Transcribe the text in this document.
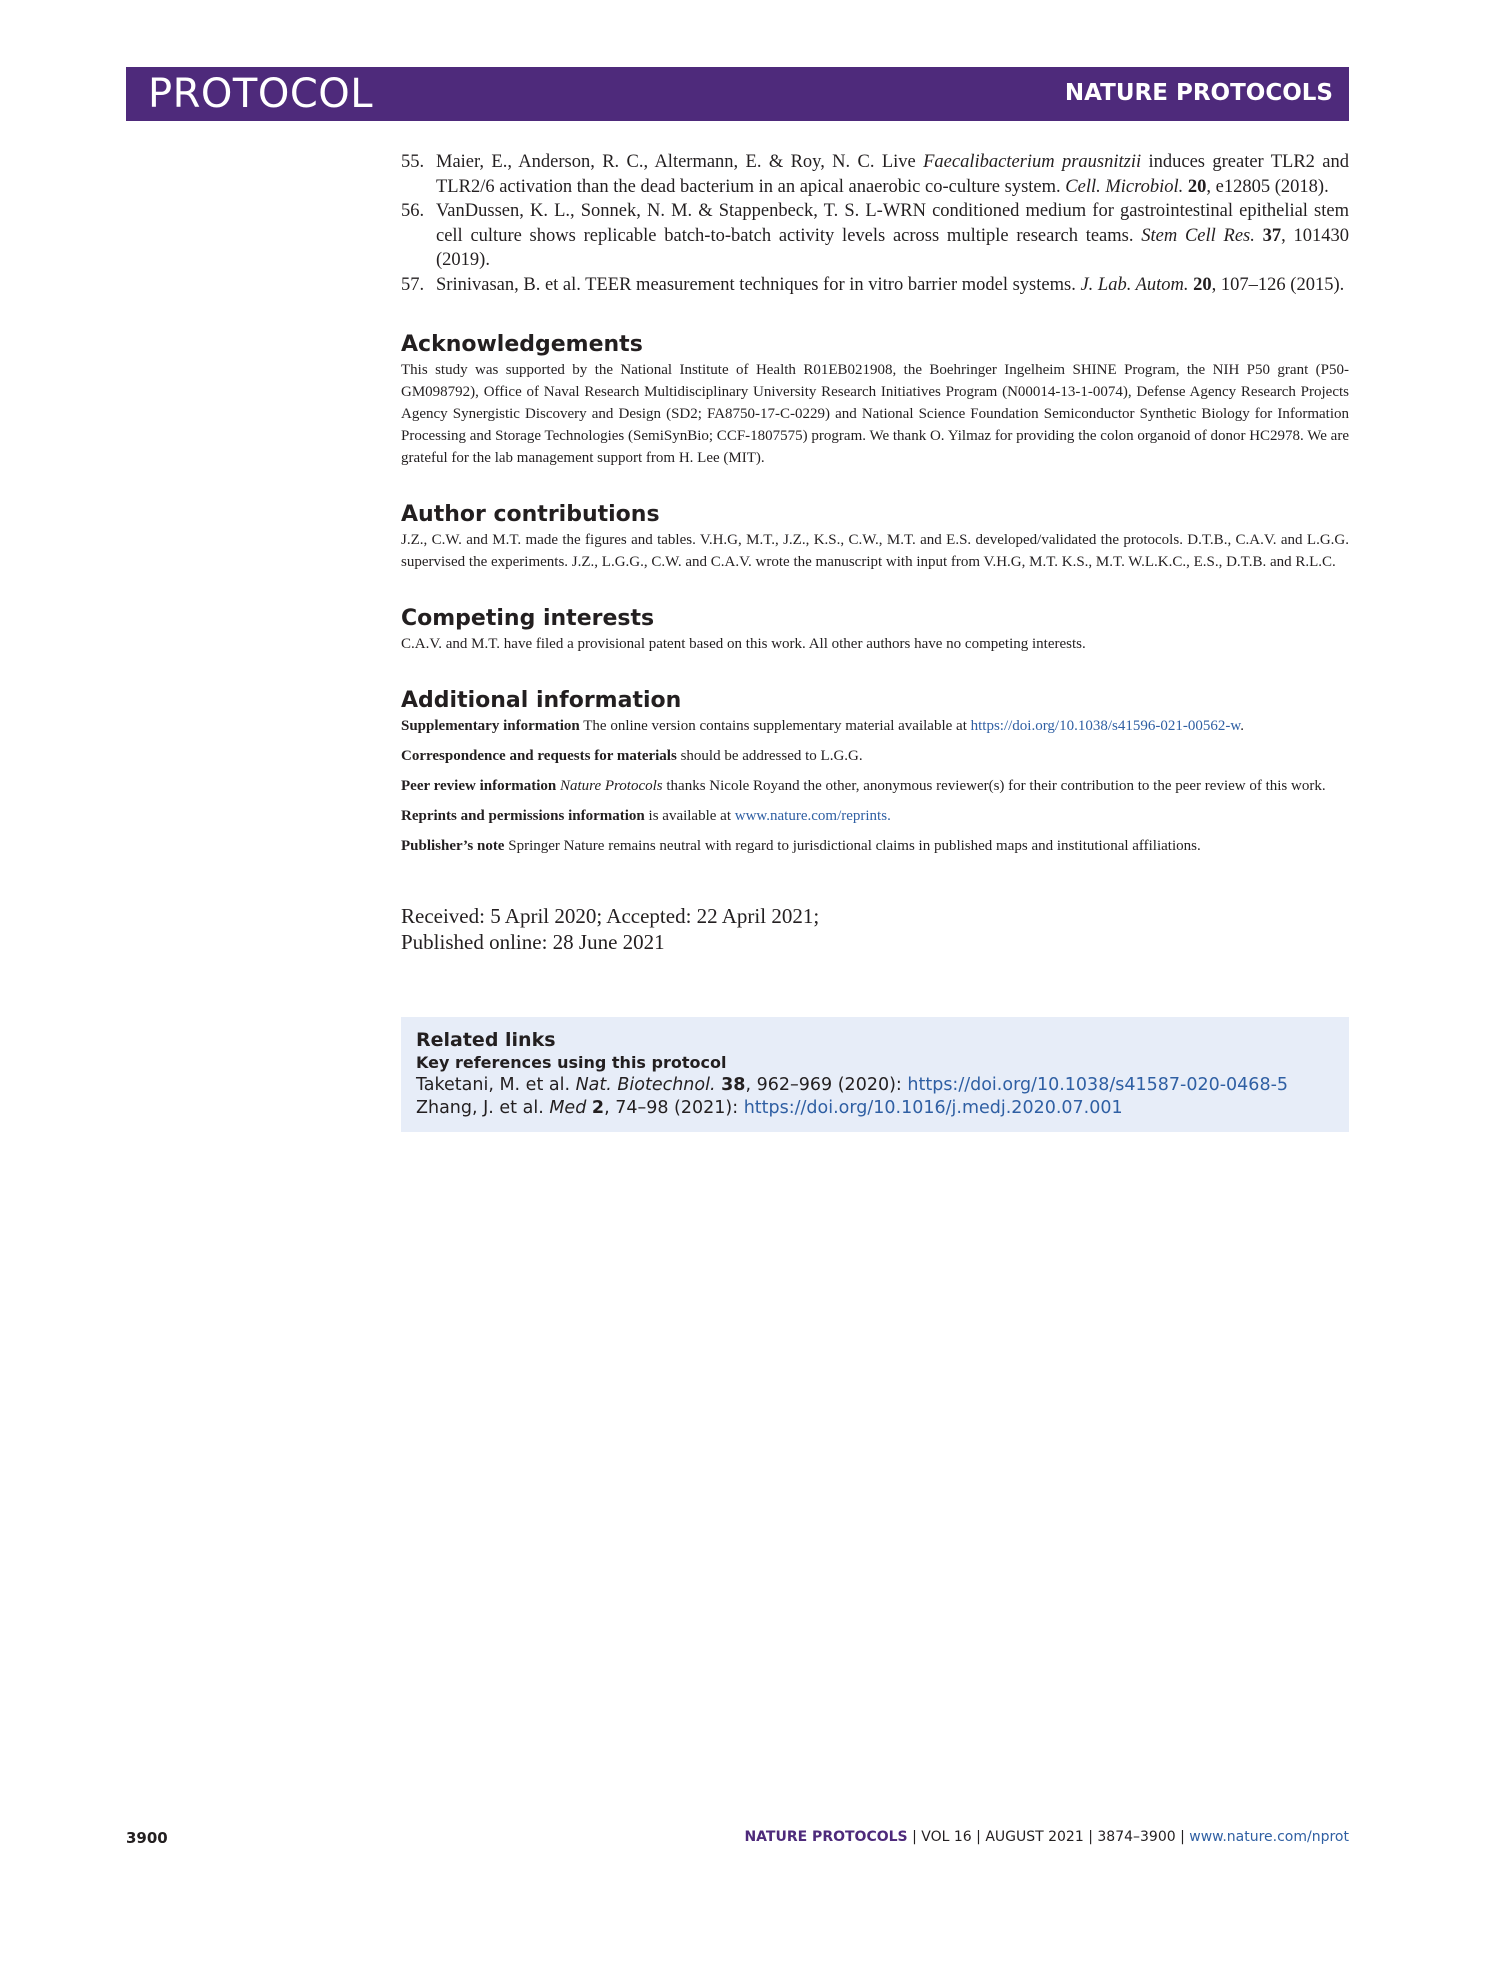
PROTOCOL	NATURE PROTOCOLS
55. Maier, E., Anderson, R. C., Altermann, E. & Roy, N. C. Live Faecalibacterium prausnitzii induces greater TLR2 and TLR2/6 activation than the dead bacterium in an apical anaerobic co-culture system. Cell. Microbiol. 20, e12805 (2018).
56. VanDussen, K. L., Sonnek, N. M. & Stappenbeck, T. S. L-WRN conditioned medium for gastrointestinal epithelial stem cell culture shows replicable batch-to-batch activity levels across multiple research teams. Stem Cell Res. 37, 101430 (2019).
57. Srinivasan, B. et al. TEER measurement techniques for in vitro barrier model systems. J. Lab. Autom. 20, 107–126 (2015).
Acknowledgements

This study was supported by the National Institute of Health R01EB021908, the Boehringer Ingelheim SHINE Program, the NIH P50 grant (P50-GM098792), Office of Naval Research Multidisciplinary University Research Initiatives Program (N00014-13-1-0074), Defense Agency Research Projects Agency Synergistic Discovery and Design (SD2; FA8750-17-C-0229) and National Science Foundation Semiconductor Synthetic Biology for Information Processing and Storage Technologies (SemiSynBio; CCF-1807575) program. We thank O. Yilmaz for providing the colon organoid of donor HC2978. We are grateful for the lab management support from H. Lee (MIT).

Author contributions

J.Z., C.W. and M.T. made the figures and tables. V.H.G, M.T., J.Z., K.S., C.W., M.T. and E.S. developed/validated the protocols. D.T.B., C.A.V. and L.G.G. supervised the experiments. J.Z., L.G.G., C.W. and C.A.V. wrote the manuscript with input from V.H.G, M.T. K.S., M.T. W.L.K.C., E.S., D.T.B. and R.L.C.

Competing interests

C.A.V. and M.T. have filed a provisional patent based on this work. All other authors have no competing interests.

Additional information

Supplementary information The online version contains supplementary material available at https://doi.org/10.1038/s41596-021-00562-w.

Correspondence and requests for materials should be addressed to L.G.G.

Peer review information Nature Protocols thanks Nicole Royand the other, anonymous reviewer(s) for their contribution to the peer review of this work.

Reprints and permissions information is available at www.nature.com/reprints.

Publisher’s note Springer Nature remains neutral with regard to jurisdictional claims in published maps and institutional affiliations.

Received: 5 April 2020; Accepted: 22 April 2021;

Published online: 28 June 2021

Related links
Key references using this protocol
Taketani, M. et al. Nat. Biotechnol. 38, 962–969 (2020): https://doi.org/10.1038/s41587-020-0468-5
Zhang, J. et al. Med 2, 74–98 (2021): https://doi.org/10.1016/j.medj.2020.07.001
3900	NATURE PROTOCOLS | VOL 16 | AUGUST 2021 | 3874–3900 | www.nature.com/nprot
